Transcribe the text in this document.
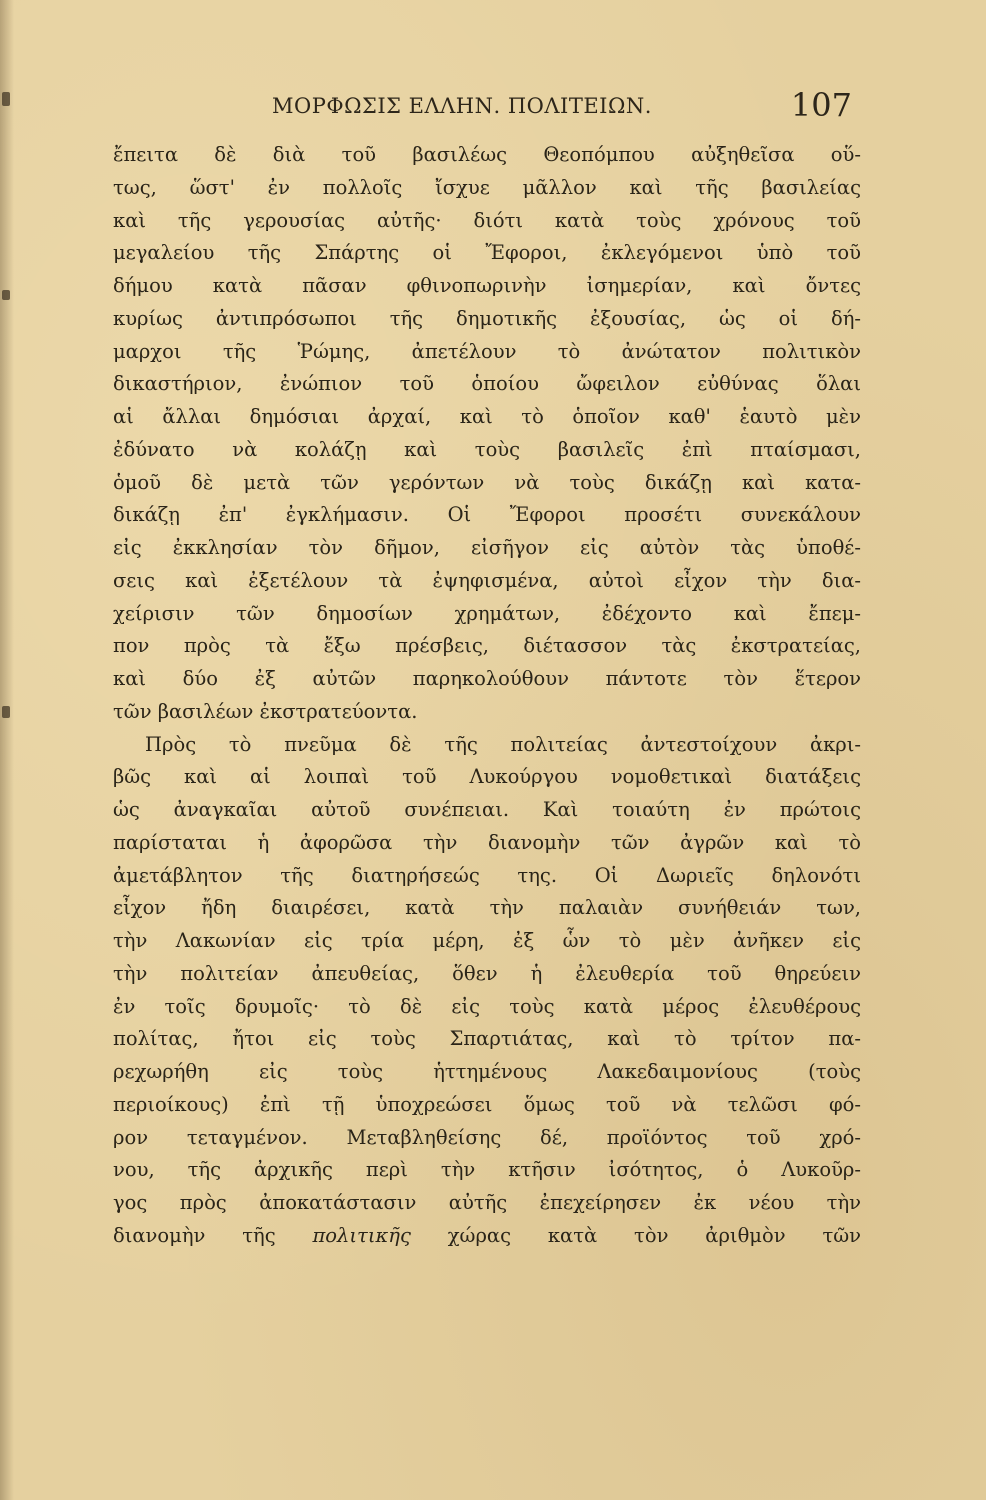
ΜΟΡΦΩΣΙΣ ΕΛΛΗΝ. ΠΟΛΙΤΕΙΩΝ.	107
ἔπειτα δὲ διὰ τοῦ βασιλέως Θεοπόμπου αὐξηθεῖσα οὕ-
τως, ὥστ' ἐν πολλοῖς ἴσχυε μᾶλλον καὶ τῆς βασιλείας
καὶ τῆς γερουσίας αὐτῆς· διότι κατὰ τοὺς χρόνους τοῦ
μεγαλείου τῆς Σπάρτης οἱ Ἔφοροι, ἐκλεγόμενοι ὑπὸ τοῦ
δήμου κατὰ πᾶσαν φθινοπωρινὴν ἰσημερίαν, καὶ ὄντες
κυρίως ἀντιπρόσωποι τῆς δημοτικῆς ἐξουσίας, ὡς οἱ δή-
μαρχοι τῆς Ῥώμης, ἀπετέλουν τὸ ἀνώτατον πολιτικὸν
δικαστήριον, ἐνώπιον τοῦ ὁποίου ὤφειλον εὐθύνας ὅλαι
αἱ ἄλλαι δημόσιαι ἀρχαί, καὶ τὸ ὁποῖον καθ' ἑαυτὸ μὲν
ἐδύνατο νὰ κολάζῃ καὶ τοὺς βασιλεῖς ἐπὶ πταίσμασι,
ὁμοῦ δὲ μετὰ τῶν γερόντων νὰ τοὺς δικάζῃ καὶ κατα-
δικάζῃ ἐπ' ἐγκλήμασιν. Οἱ Ἔφοροι προσέτι συνεκάλουν
εἰς ἐκκλησίαν τὸν δῆμον, εἰσῆγον εἰς αὐτὸν τὰς ὑποθέ-
σεις καὶ ἐξετέλουν τὰ ἐψηφισμένα, αὐτοὶ εἶχον τὴν δια-
χείρισιν τῶν δημοσίων χρημάτων, ἐδέχοντο καὶ ἔπεμ-
πον πρὸς τὰ ἔξω πρέσβεις, διέτασσον τὰς ἐκστρατείας,
καὶ δύο ἐξ αὐτῶν παρηκολούθουν πάντοτε τὸν ἕτερον
τῶν βασιλέων ἐκστρατεύοντα.
Πρὸς τὸ πνεῦμα δὲ τῆς πολιτείας ἀντεστοίχουν ἀκρι-
βῶς καὶ αἱ λοιπαὶ τοῦ Λυκούργου νομοθετικαὶ διατάξεις
ὡς ἀναγκαῖαι αὐτοῦ συνέπειαι. Καὶ τοιαύτη ἐν πρώτοις
παρίσταται ἡ ἀφορῶσα τὴν διανομὴν τῶν ἀγρῶν καὶ τὸ
ἀμετάβλητον τῆς διατηρήσεώς της. Οἱ Δωριεῖς δηλονότι
εἶχον ἤδη διαιρέσει, κατὰ τὴν παλαιὰν συνήθειάν των,
τὴν Λακωνίαν εἰς τρία μέρη, ἐξ ὧν τὸ μὲν ἀνῆκεν εἰς
τὴν πολιτείαν ἀπευθείας, ὅθεν ἡ ἐλευθερία τοῦ θηρεύειν
ἐν τοῖς δρυμοῖς· τὸ δὲ εἰς τοὺς κατὰ μέρος ἐλευθέρους
πολίτας, ἤτοι εἰς τοὺς Σπαρτιάτας, καὶ τὸ τρίτον πα-
ρεχωρήθη εἰς τοὺς ἡττημένους Λακεδαιμονίους (τοὺς
περιοίκους) ἐπὶ τῇ ὑποχρεώσει ὅμως τοῦ νὰ τελῶσι φό-
ρον τεταγμένον. Μεταβληθείσης δέ, προϊόντος τοῦ χρό-
νου, τῆς ἀρχικῆς περὶ τὴν κτῆσιν ἰσότητος, ὁ Λυκοῦρ-
γος πρὸς ἀποκατάστασιν αὐτῆς ἐπεχείρησεν ἐκ νέου τὴν
διανομὴν τῆς πολιτικῆς χώρας κατὰ τὸν ἀριθμὸν τῶν
